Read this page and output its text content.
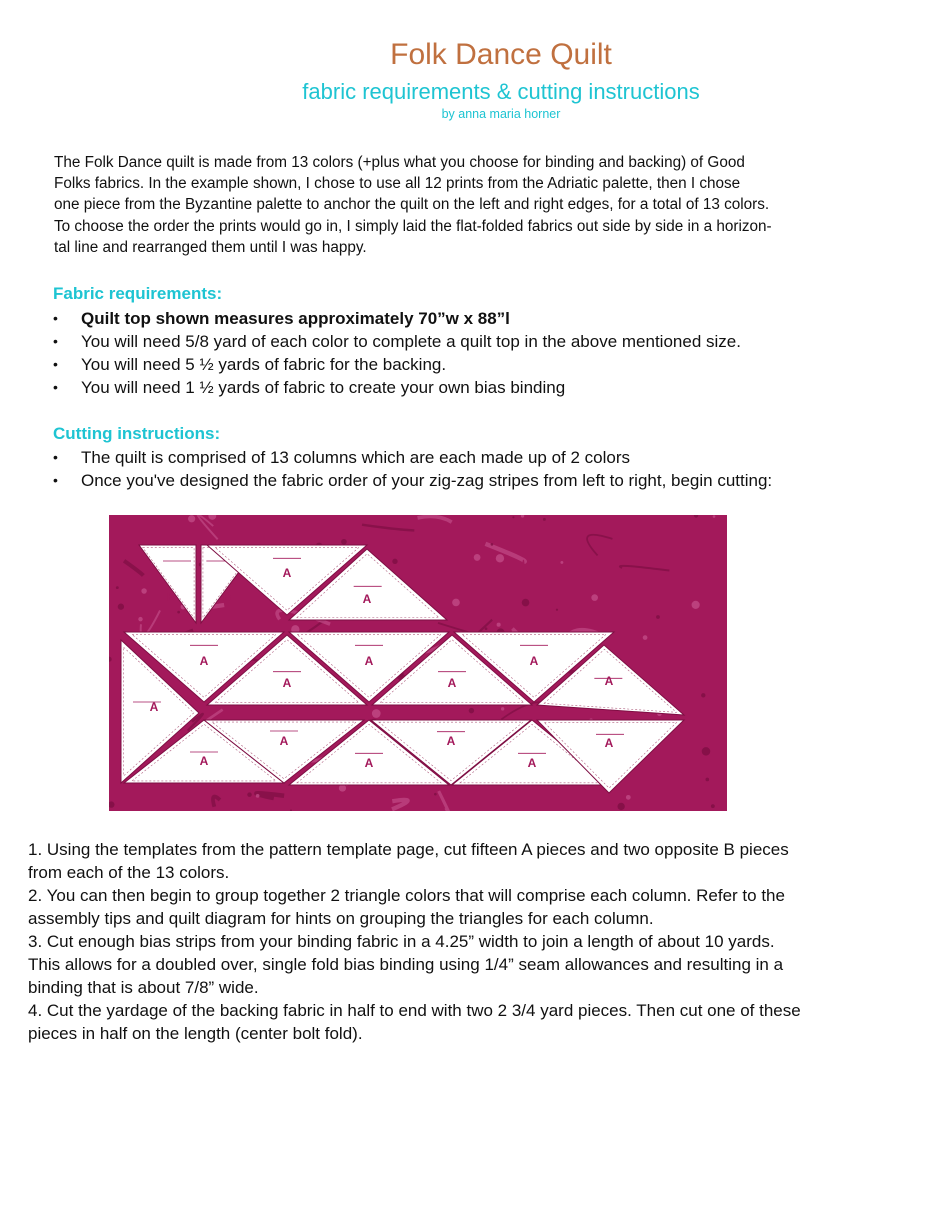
Folk Dance Quilt
fabric requirements & cutting instructions
by anna maria horner
The Folk Dance quilt is made from 13 colors (+plus what you choose for binding and backing) of Good
Folks fabrics. In the example shown, I chose to use all 12 prints from the Adriatic palette, then I chose
one piece from the Byzantine palette to anchor the quilt on the left and right edges, for a total of 13 colors.
To choose the order the prints would go in, I simply laid the flat-folded fabrics out side by side in a horizon-
tal line and rearranged them until I was happy.
Fabric requirements:
• Quilt top shown measures approximately 70”w x 88”l
• You will need 5/8 yard of each color to complete a quilt top in the above mentioned size.
• You will need 5 ½ yards of fabric for the backing.
• You will need 1 ½ yards of fabric to create your own bias binding
Cutting instructions:
• The quilt is comprised of 13 columns which are each made up of 2 colors
• Once you've designed the fabric order of your zig-zag stripes from left to right, begin cutting:
B	B
A
A
A
A
A
A
A
A
A
A
A
A
A
A
A
1. Using the templates from the pattern template page, cut fifteen A pieces and two opposite B pieces
from each of the 13 colors.
2. You can then begin to group together 2 triangle colors that will comprise each column. Refer to the
assembly tips and quilt diagram for hints on grouping the triangles for each column.
3. Cut enough bias strips from your binding fabric in a 4.25” width to join a length of about 10 yards.
This allows for a doubled over, single fold bias binding using 1/4” seam allowances and resulting in a
binding that is about 7/8” wide.
4. Cut the yardage of the backing fabric in half to end with two 2 3/4 yard pieces. Then cut one of these
pieces in half on the length (center bolt fold).
